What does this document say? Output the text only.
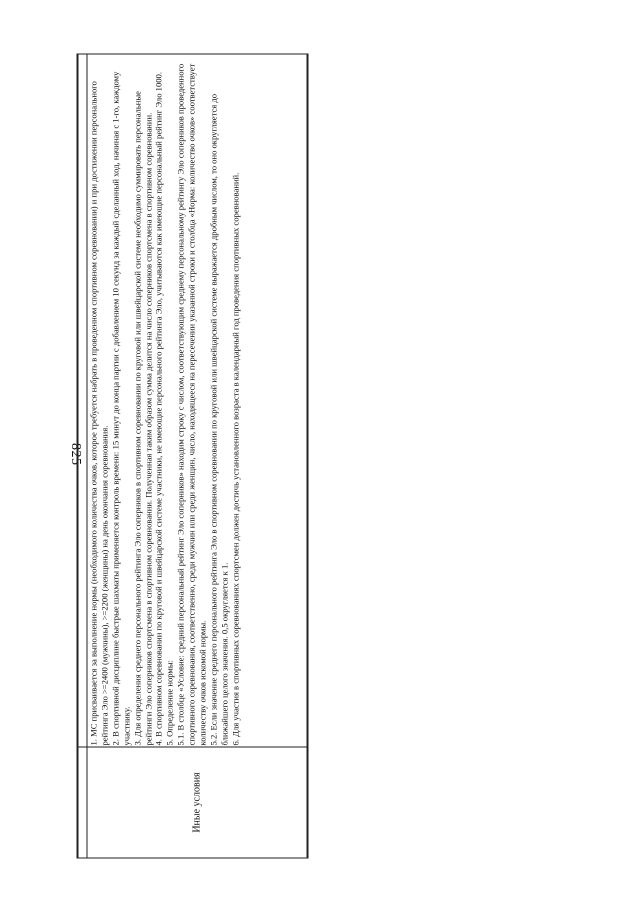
825
Иные условия

1. МС присваивается за выполнение нормы (необходимого количества очков, которое требуется набрать в проведенном спортивном соревновании) и при достижении персонального рейтинга Эло >=2400 (мужчины), >=2200 (женщины) на день окончания соревнования. 2. В спортивной дисциплине быстрые шахматы применяется контроль времени: 15 минут до конца партии с добавлением 10 секунд за каждый сделанный ход, начиная с 1-го, каждому участнику. 3. Для определения среднего персонального рейтинга Эло соперников в спортивном соревновании по круговой или швейцарской системе необходимо суммировать персональные рейтинги Эло соперников спортсмена в спортивном соревновании. Полученная таким образом сумма делится на число соперников спортсмена в спортивном соревновании. 4. В спортивном соревновании по круговой и швейцарской системе участники, не имеющие персонального рейтинга Эло, учитываются как имеющие персональный рейтинг Эло 1000. 5. Определение нормы: 5.1. В столбце «Условие: средний персональный рейтинг Эло соперников» находим строку с числом, соответствующим среднему персональному рейтингу Эло соперников проведенного спортивного соревнования, соответственно, среди мужчин или среди женщин, число, находящееся на пересечении указанной строки и столбца «Норма: количество очков» соответствует количеству очков искомой нормы. 5.2. Если значение среднего персонального рейтинга Эло в спортивном соревновании по круговой или швейцарской системе выражается дробным числом, то оно округляется до ближайшего целого значения. 0,5 округляется к 1. 6. Для участия в спортивных соревнованиях спортсмен должен достичь установленного возраста в календарный год проведения спортивных соревнований.
